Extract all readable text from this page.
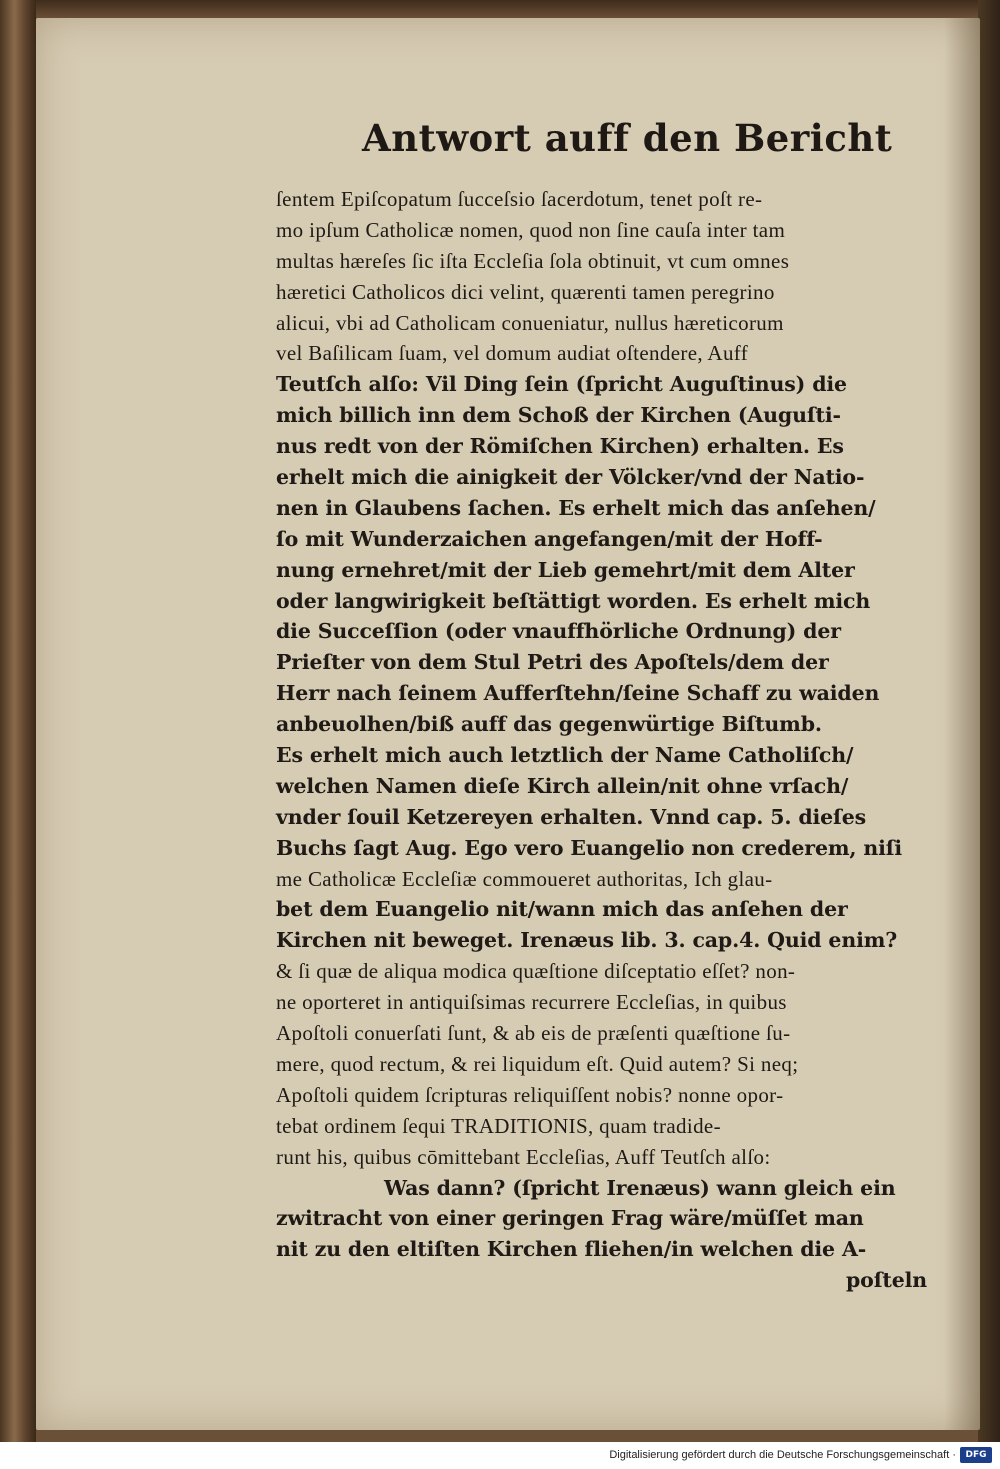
Antwort auff den Bericht
ſentem Epiſcopatum ſucceſsio ſacerdotum, tenet poſt re-
mo ipſum Catholicæ nomen, quod non ſine cauſa inter tam
multas hæreſes ſic iſta Eccleſia ſola obtinuit, vt cum omnes
hæretici Catholicos dici velint, quærenti tamen peregrino
alicui, vbi ad Catholicam conueniatur, nullus hæreticorum
vel Baſilicam ſuam, vel domum audiat oſtendere, Auff
Teutſch alſo: Vil Ding ſein (ſpricht Auguſtinus) die
mich billich inn dem Schoß der Kirchen (Auguſti-
nus redt von der Römiſchen Kirchen) erhalten. Es
erhelt mich die ainigkeit der Völcker/vnd der Natio-
nen in Glaubens ſachen. Es erhelt mich das anſehen/
ſo mit Wunderzaichen angefangen/mit der Hoff-
nung ernehret/mit der Lieb gemehrt/mit dem Alter
oder langwirigkeit beſtättigt worden. Es erhelt mich
die Succeſſion (oder vnauffhörliche Ordnung) der
Prieſter von dem Stul Petri des Apoſtels/dem der
Herr nach ſeinem Aufferſtehn/ſeine Schaff zu waiden
anbeuolhen/biß auff das gegenwürtige Biſtumb.
Es erhelt mich auch letztlich der Name Catholiſch/
welchen Namen dieſe Kirch allein/nit ohne vrſach/
vnder ſouil Ketzereyen erhalten. Vnnd cap. 5. dieſes
Buchs ſagt Aug. Ego vero Euangelio non crederem, niſi
me Catholicæ Eccleſiæ commoueret authoritas, Ich glau-
bet dem Euangelio nit/wann mich das anſehen der
Kirchen nit beweget. Irenæus lib. 3. cap.4. Quid enim?
& ſi quæ de aliqua modica quæſtione diſceptatio eſſet? non-
ne oporteret in antiquiſsimas recurrere Eccleſias, in quibus
Apoſtoli conuerſati ſunt, & ab eis de præſenti quæſtione ſu-
mere, quod rectum, & rei liquidum eſt. Quid autem? Si neq;
Apoſtoli quidem ſcripturas reliquiſſent nobis? nonne opor-
tebat ordinem ſequi TRADITIONIS, quam tradide-
runt his, quibus cōmittebant Eccleſias, Auff Teutſch alſo:
Was dann? (ſpricht Irenæus) wann gleich ein
zwitracht von einer geringen Frag wäre/müſſet man
nit zu den eltiſten Kirchen fliehen/in welchen die A-
poſteln
Digitalisierung gefördert durch die Deutsche Forschungsgemeinschaft ·	DFG
